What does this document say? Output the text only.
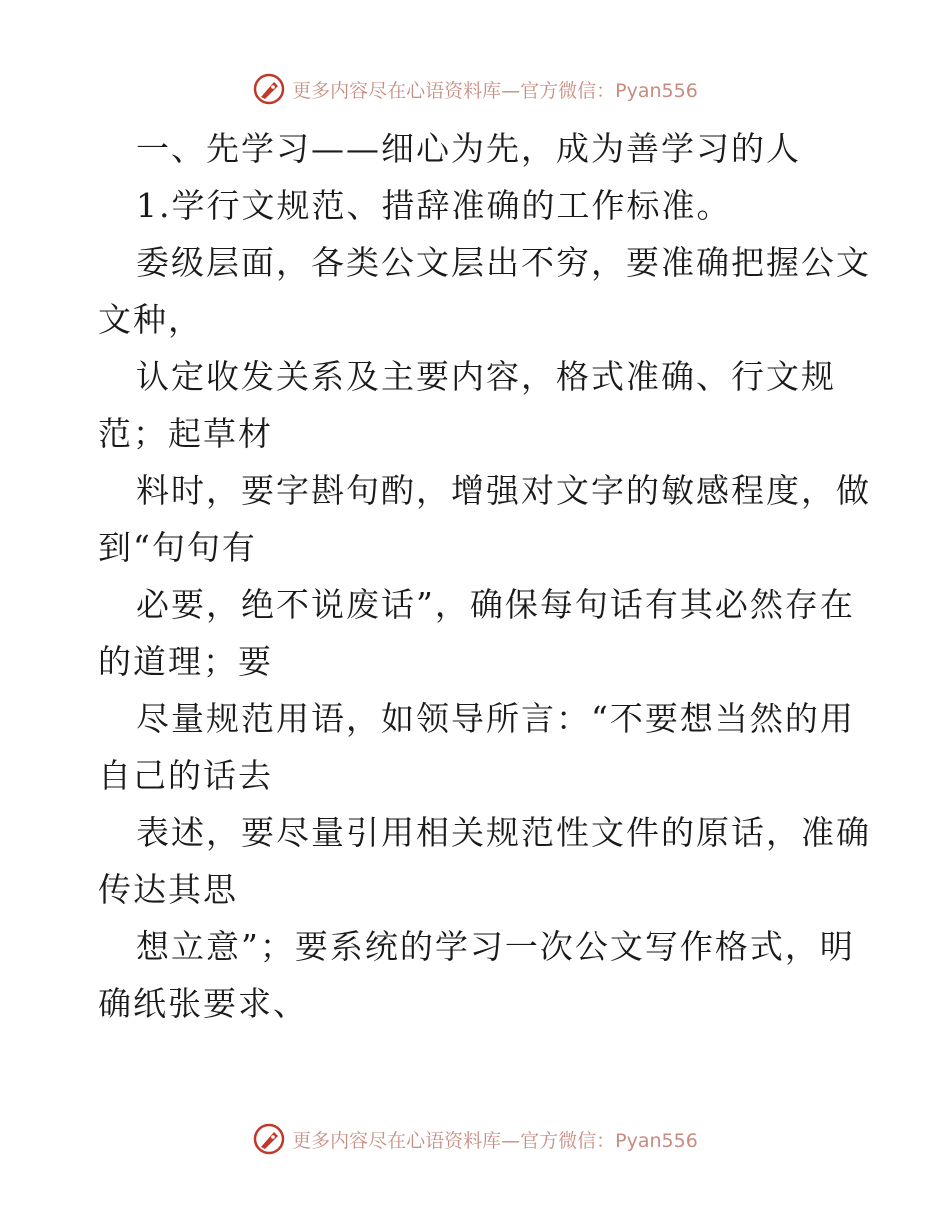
更多内容尽在心语资料库—官方微信：Pyan556
一、先学习——细心为先，成为善学习的人
1.学行文规范、措辞准确的工作标准。
委级层面，各类公文层出不穷，要准确把握公文
文种，
认定收发关系及主要内容，格式准确、行文规
范；起草材
料时，要字斟句酌，增强对文字的敏感程度，做
到“句句有
必要，绝不说废话”，确保每句话有其必然存在
的道理；要
尽量规范用语，如领导所言：“不要想当然的用
自己的话去
表述，要尽量引用相关规范性文件的原话，准确
传达其思
想立意”；要系统的学习一次公文写作格式，明
确纸张要求、
更多内容尽在心语资料库—官方微信：Pyan556
